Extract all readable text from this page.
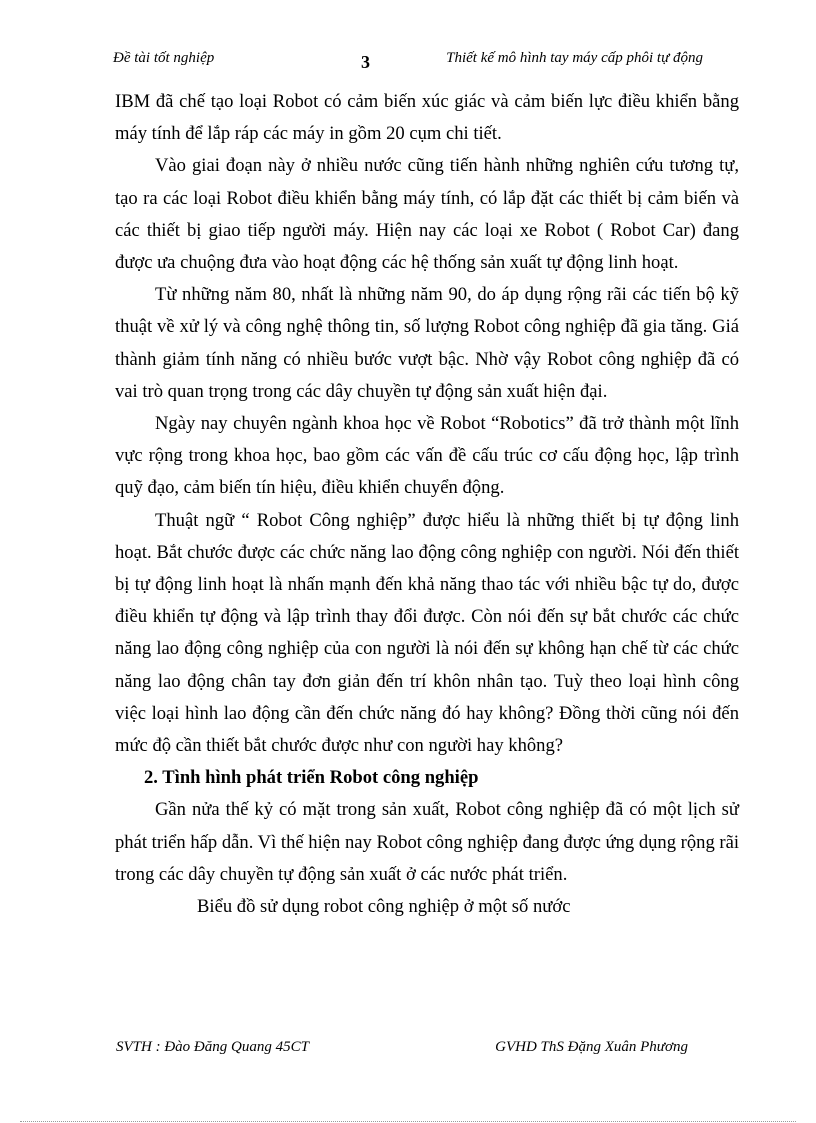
Đề tài tốt nghiệp	3	Thiết kế mô hình tay máy cấp phôi tự động

IBM đã chế tạo loại Robot có cảm biến xúc giác và cảm biến lực điều khiển bằng máy tính để lắp ráp các máy in gồm 20 cụm chi tiết.

Vào giai đoạn này ở nhiều nước cũng tiến hành những nghiên cứu tương tự, tạo ra các loại Robot điều khiển bằng máy tính, có lắp đặt các thiết bị cảm biến và các thiết bị giao tiếp người máy. Hiện nay các loại xe Robot ( Robot Car) đang được ưa chuộng đưa vào hoạt động các hệ thống sản xuất tự động linh hoạt.

Từ những năm 80, nhất là những năm 90, do áp dụng rộng rãi các tiến bộ kỹ thuật về xử lý và công nghệ thông tin, số lượng Robot công nghiệp đã gia tăng. Giá thành giảm tính năng có nhiều bước vượt bậc. Nhờ vậy Robot công nghiệp đã có vai trò quan trọng trong các dây chuyền tự động sản xuất hiện đại.

Ngày nay chuyên ngành khoa học về Robot “Robotics” đã trở thành một lĩnh vực rộng trong khoa học, bao gồm các vấn đề cấu trúc cơ cấu động học, lập trình quỹ đạo, cảm biến tín hiệu, điều khiển chuyển động.

Thuật ngữ “ Robot Công nghiệp” được hiểu là những thiết bị tự động linh hoạt. Bắt chước được các chức năng lao động công nghiệp con người. Nói đến thiết bị tự động linh hoạt là nhấn mạnh đến khả năng thao tác với nhiều bậc tự do, được điều khiển tự động và lập trình thay đổi được. Còn nói đến sự bắt chước các chức năng lao động công nghiệp của con người là nói đến sự không hạn chế từ các chức năng lao động chân tay đơn giản đến trí khôn nhân tạo. Tuỳ theo loại hình công việc loại hình lao động cần đến chức năng đó hay không? Đồng thời cũng nói đến mức độ cần thiết bắt chước được như con người hay không?

2. Tình hình phát triển Robot công nghiệp

Gần nửa thế kỷ có mặt trong sản xuất, Robot công nghiệp đã có một lịch sử phát triển hấp dẫn. Vì thế hiện nay Robot công nghiệp đang được ứng dụng rộng rãi trong các dây chuyền tự động sản xuất ở các nước phát triển.

Biểu đồ sử dụng robot công nghiệp ở một số nước

SVTH : Đào Đăng Quang 45CT	GVHD ThS Đặng Xuân Phương
